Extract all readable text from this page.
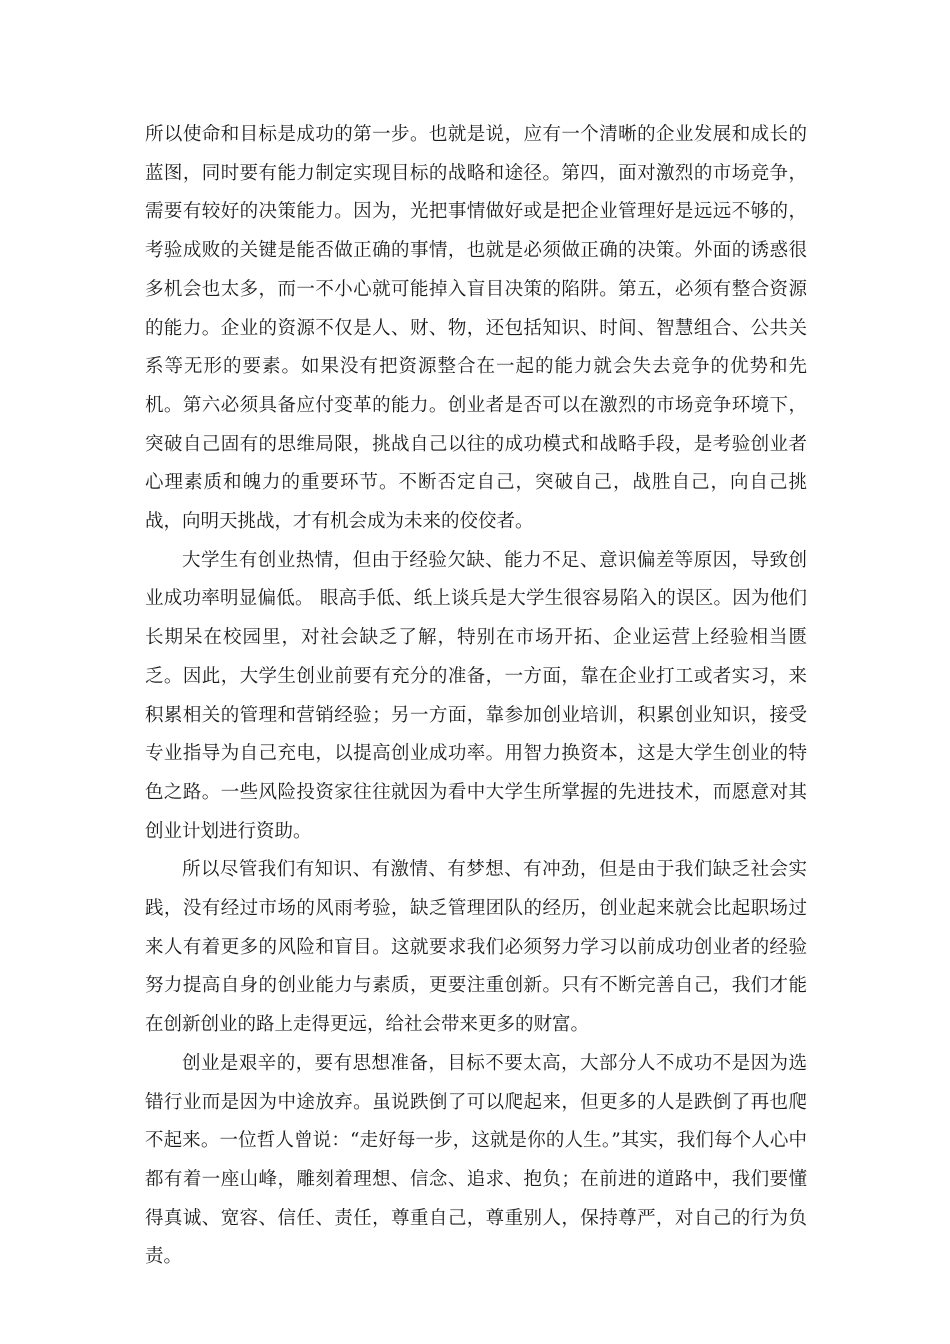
所以使命和目标是成功的第一步。也就是说，应有一个清晰的企业发展和成长的蓝图，同时要有能力制定实现目标的战略和途径。第四，面对激烈的市场竞争，需要有较好的决策能力。因为，光把事情做好或是把企业管理好是远远不够的，考验成败的关键是能否做正确的事情，也就是必须做正确的决策。外面的诱惑很多机会也太多，而一不小心就可能掉入盲目决策的陷阱。第五，必须有整合资源的能力。企业的资源不仅是人、财、物，还包括知识、时间、智慧组合、公共关系等无形的要素。如果没有把资源整合在一起的能力就会失去竞争的优势和先机。第六必须具备应付变革的能力。创业者是否可以在激烈的市场竞争环境下，突破自己固有的思维局限，挑战自己以往的成功模式和战略手段，是考验创业者心理素质和魄力的重要环节。不断否定自己，突破自己，战胜自己，向自己挑战，向明天挑战，才有机会成为未来的佼佼者。

大学生有创业热情，但由于经验欠缺、能力不足、意识偏差等原因，导致创业成功率明显偏低。 眼高手低、纸上谈兵是大学生很容易陷入的误区。因为他们长期呆在校园里，对社会缺乏了解，特别在市场开拓、企业运营上经验相当匮乏。因此，大学生创业前要有充分的准备，一方面，靠在企业打工或者实习，来积累相关的管理和营销经验；另一方面，靠参加创业培训，积累创业知识，接受专业指导为自己充电，以提高创业成功率。用智力换资本，这是大学生创业的特色之路。一些风险投资家往往就因为看中大学生所掌握的先进技术，而愿意对其创业计划进行资助。

所以尽管我们有知识、有激情、有梦想、有冲劲，但是由于我们缺乏社会实践，没有经过市场的风雨考验，缺乏管理团队的经历，创业起来就会比起职场过来人有着更多的风险和盲目。这就要求我们必须努力学习以前成功创业者的经验努力提高自身的创业能力与素质，更要注重创新。只有不断完善自己，我们才能在创新创业的路上走得更远，给社会带来更多的财富。

创业是艰辛的，要有思想准备，目标不要太高，大部分人不成功不是因为选错行业而是因为中途放弃。虽说跌倒了可以爬起来，但更多的人是跌倒了再也爬不起来。一位哲人曾说：“走好每一步，这就是你的人生。”其实，我们每个人心中都有着一座山峰，雕刻着理想、信念、追求、抱负；在前进的道路中，我们要懂得真诚、宽容、信任、责任，尊重自己，尊重别人，保持尊严，对自己的行为负责。
